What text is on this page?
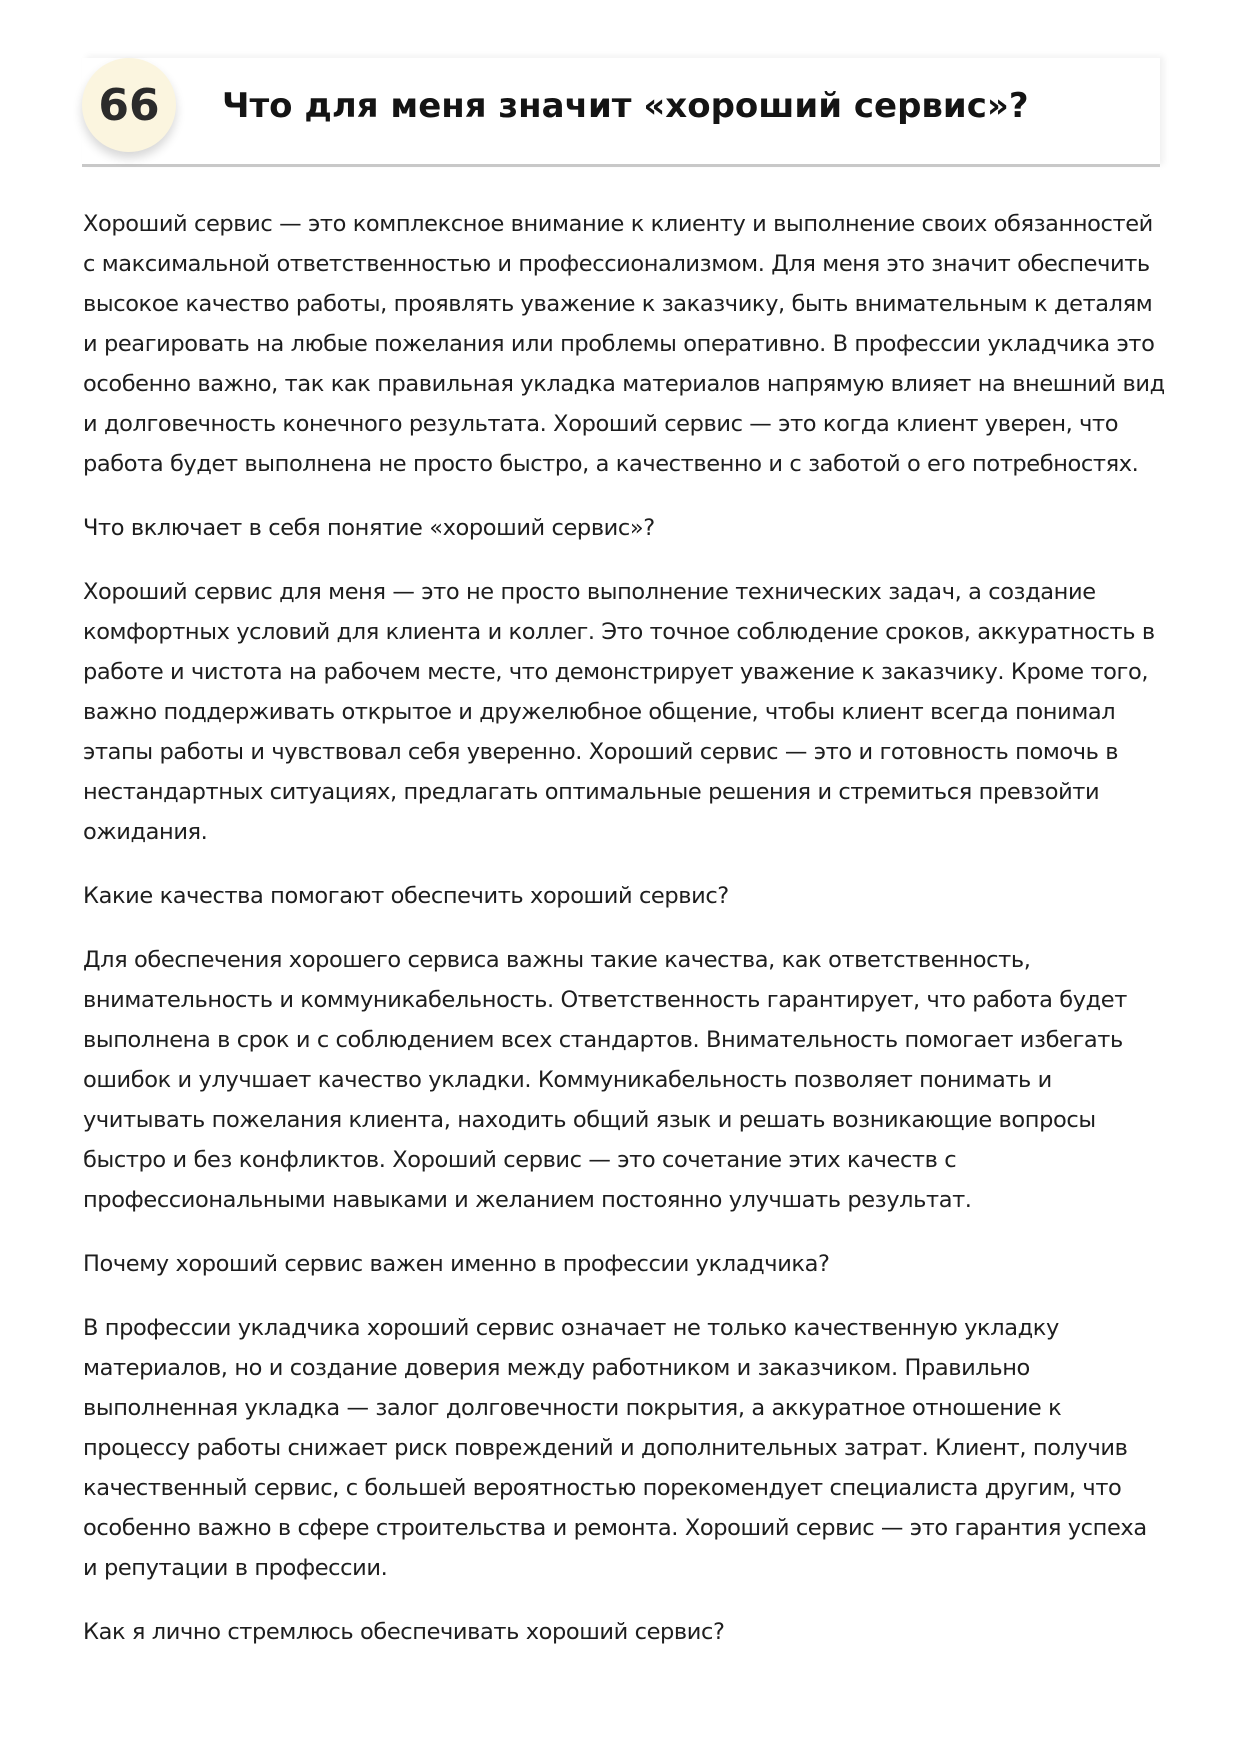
66	Что для меня значит «хороший сервис»?

Хороший сервис — это комплексное внимание к клиенту и выполнение своих обязанностей с максимальной ответственностью и профессионализмом. Для меня это значит обеспечить высокое качество работы, проявлять уважение к заказчику, быть внимательным к деталям и реагировать на любые пожелания или проблемы оперативно. В профессии укладчика это особенно важно, так как правильная укладка материалов напрямую влияет на внешний вид и долговечность конечного результата. Хороший сервис — это когда клиент уверен, что работа будет выполнена не просто быстро, а качественно и с заботой о его потребностях.

Что включает в себя понятие «хороший сервис»?

Хороший сервис для меня — это не просто выполнение технических задач, а создание комфортных условий для клиента и коллег. Это точное соблюдение сроков, аккуратность в работе и чистота на рабочем месте, что демонстрирует уважение к заказчику. Кроме того, важно поддерживать открытое и дружелюбное общение, чтобы клиент всегда понимал этапы работы и чувствовал себя уверенно. Хороший сервис — это и готовность помочь в нестандартных ситуациях, предлагать оптимальные решения и стремиться превзойти ожидания.

Какие качества помогают обеспечить хороший сервис?

Для обеспечения хорошего сервиса важны такие качества, как ответственность, внимательность и коммуникабельность. Ответственность гарантирует, что работа будет выполнена в срок и с соблюдением всех стандартов. Внимательность помогает избегать ошибок и улучшает качество укладки. Коммуникабельность позволяет понимать и учитывать пожелания клиента, находить общий язык и решать возникающие вопросы быстро и без конфликтов. Хороший сервис — это сочетание этих качеств с профессиональными навыками и желанием постоянно улучшать результат.

Почему хороший сервис важен именно в профессии укладчика?

В профессии укладчика хороший сервис означает не только качественную укладку материалов, но и создание доверия между работником и заказчиком. Правильно выполненная укладка — залог долговечности покрытия, а аккуратное отношение к процессу работы снижает риск повреждений и дополнительных затрат. Клиент, получив качественный сервис, с большей вероятностью порекомендует специалиста другим, что особенно важно в сфере строительства и ремонта. Хороший сервис — это гарантия успеха и репутации в профессии.

Как я лично стремлюсь обеспечивать хороший сервис?
